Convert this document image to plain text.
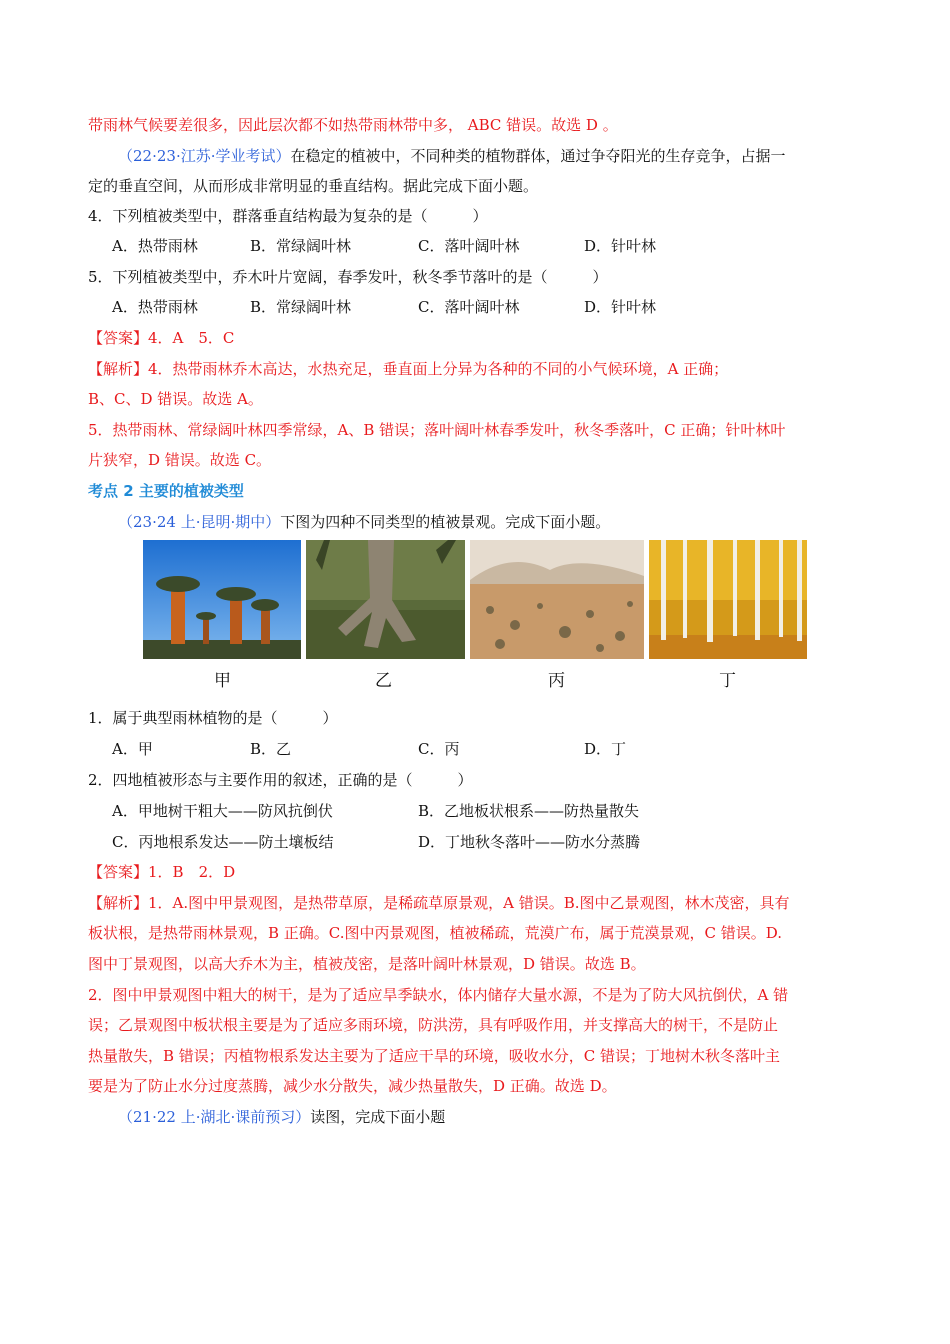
带雨林气候要差很多，因此层次都不如热带雨林带中多， ABC 错误。故选 D 。
（22·23·江苏·学业考试）在稳定的植被中，不同种类的植物群体，通过争夺阳光的生存竞争，占据一
定的垂直空间，从而形成非常明显的垂直结构。据此完成下面小题。
4．下列植被类型中，群落垂直结构最为复杂的是（　　　）
A．热带雨林	B．常绿阔叶林	C．落叶阔叶林	D．针叶林
5．下列植被类型中，乔木叶片宽阔，春季发叶，秋冬季节落叶的是（　　　）
A．热带雨林	B．常绿阔叶林	C．落叶阔叶林	D．针叶林
【答案】4．A　5．C
【解析】4．热带雨林乔木高达，水热充足，垂直面上分异为各种的不同的小气候环境，A 正确；
B、C、D 错误。故选 A。
5．热带雨林、常绿阔叶林四季常绿，A、B 错误；落叶阔叶林春季发叶，秋冬季落叶，C 正确；针叶林叶
片狭窄，D 错误。故选 C。
考点 2 主要的植被类型
（23·24 上·昆明·期中）下图为四种不同类型的植被景观。完成下面小题。
甲	乙	丙	丁
1．属于典型雨林植物的是（　　　）
A．甲	B．乙	C．丙	D．丁
2．四地植被形态与主要作用的叙述，正确的是（　　　）
A．甲地树干粗大——防风抗倒伏	B．乙地板状根系——防热量散失
C．丙地根系发达——防土壤板结	D．丁地秋冬落叶——防水分蒸腾
【答案】1．B　2．D
【解析】1．A.图中甲景观图，是热带草原，是稀疏草原景观，A 错误。B.图中乙景观图，林木茂密，具有
板状根，是热带雨林景观，B 正确。C.图中丙景观图，植被稀疏，荒漠广布，属于荒漠景观，C 错误。D.
图中丁景观图，以高大乔木为主，植被茂密，是落叶阔叶林景观，D 错误。故选 B。
2．图中甲景观图中粗大的树干，是为了适应旱季缺水，体内储存大量水源，不是为了防大风抗倒伏，A 错
误；乙景观图中板状根主要是为了适应多雨环境，防洪涝，具有呼吸作用，并支撑高大的树干，不是防止
热量散失，B 错误；丙植物根系发达主要为了适应干旱的环境，吸收水分，C 错误；丁地树木秋冬落叶主
要是为了防止水分过度蒸腾，减少水分散失，减少热量散失，D 正确。故选 D。
（21·22 上·湖北·课前预习）读图，完成下面小题
